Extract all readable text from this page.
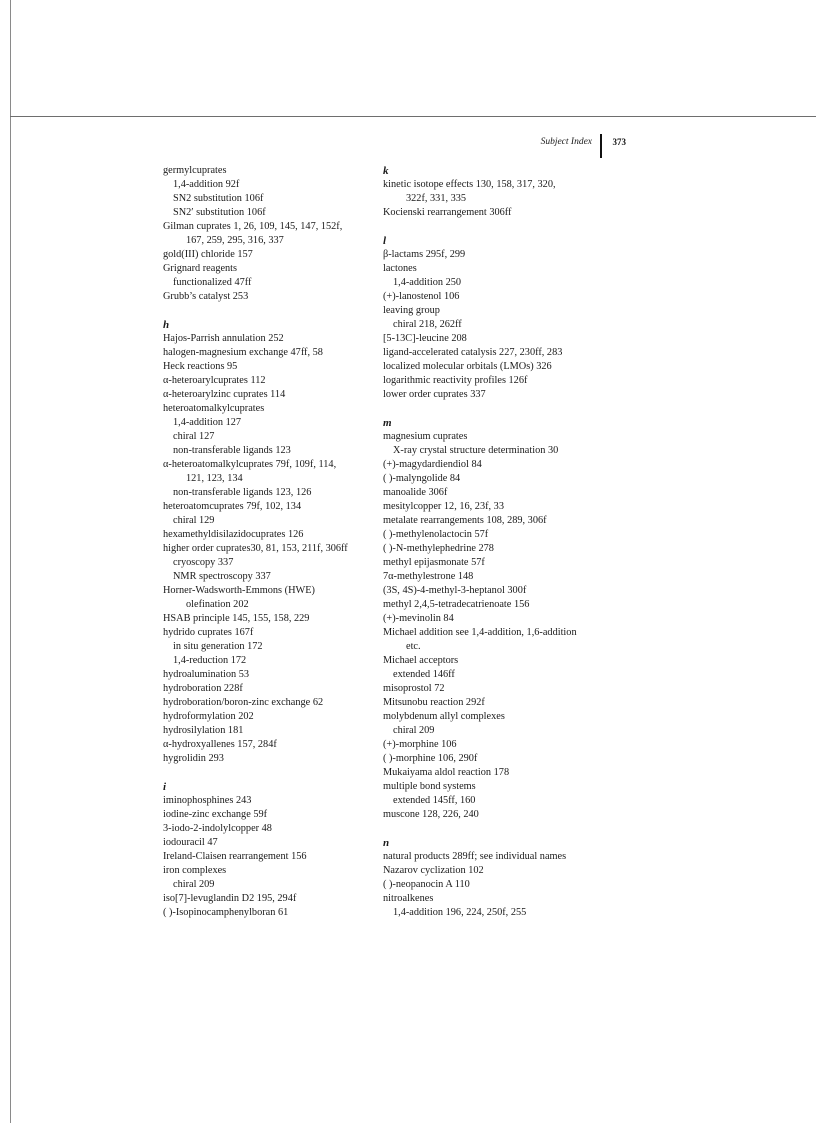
Subject Index 373
germylcuprates
1,4-addition 92f
SN2 substitution 106f
SN2′ substitution 106f
Gilman cuprates 1, 26, 109, 145, 147, 152f,
167, 259, 295, 316, 337
gold(III) chloride 157
Grignard reagents
functionalized 47ff
Grubb’s catalyst 253
h
Hajos-Parrish annulation 252
halogen-magnesium exchange 47ff, 58
Heck reactions 95
α-heteroarylcuprates 112
α-heteroarylzinc cuprates 114
heteroatomalkylcuprates
1,4-addition 127
chiral 127
non-transferable ligands 123
α-heteroatomalkylcuprates 79f, 109f, 114,
121, 123, 134
non-transferable ligands 123, 126
heteroatomcuprates 79f, 102, 134
chiral 129
hexamethyldisilazidocuprates 126
higher order cuprates30, 81, 153, 211f, 306ff
cryoscopy 337
NMR spectroscopy 337
Horner-Wadsworth-Emmons (HWE)
olefination 202
HSAB principle 145, 155, 158, 229
hydrido cuprates 167f
in situ generation 172
1,4-reduction 172
hydroalumination 53
hydroboration 228f
hydroboration/boron-zinc exchange 62
hydroformylation 202
hydrosilylation 181
α-hydroxyallenes 157, 284f
hygrolidin 293
i
iminophosphines 243
iodine-zinc exchange 59f
3-iodo-2-indolylcopper 48
iodouracil 47
Ireland-Claisen rearrangement 156
iron complexes
chiral 209
iso[7]-levuglandin D2 195, 294f
( )-Isopinocamphenylboran 61
k
kinetic isotope effects 130, 158, 317, 320,
322f, 331, 335
Kocienski rearrangement 306ff
l
β-lactams 295f, 299
lactones
1,4-addition 250
(+)-lanostenol 106
leaving group
chiral 218, 262ff
[5-13C]-leucine 208
ligand-accelerated catalysis 227, 230ff, 283
localized molecular orbitals (LMOs) 326
logarithmic reactivity profiles 126f
lower order cuprates 337
m
magnesium cuprates
X-ray crystal structure determination 30
(+)-magydardiendiol 84
( )-malyngolide 84
manoalide 306f
mesitylcopper 12, 16, 23f, 33
metalate rearrangements 108, 289, 306f
( )-methylenolactocin 57f
( )-N-methylephedrine 278
methyl epijasmonate 57f
7α-methylestrone 148
(3S, 4S)-4-methyl-3-heptanol 300f
methyl 2,4,5-tetradecatrienoate 156
(+)-mevinolin 84
Michael addition see 1,4-addition, 1,6-addition
etc.
Michael acceptors
extended 146ff
misoprostol 72
Mitsunobu reaction 292f
molybdenum allyl complexes
chiral 209
(+)-morphine 106
( )-morphine 106, 290f
Mukaiyama aldol reaction 178
multiple bond systems
extended 145ff, 160
muscone 128, 226, 240
n
natural products 289ff; see individual names
Nazarov cyclization 102
( )-neopanocin A 110
nitroalkenes
1,4-addition 196, 224, 250f, 255
